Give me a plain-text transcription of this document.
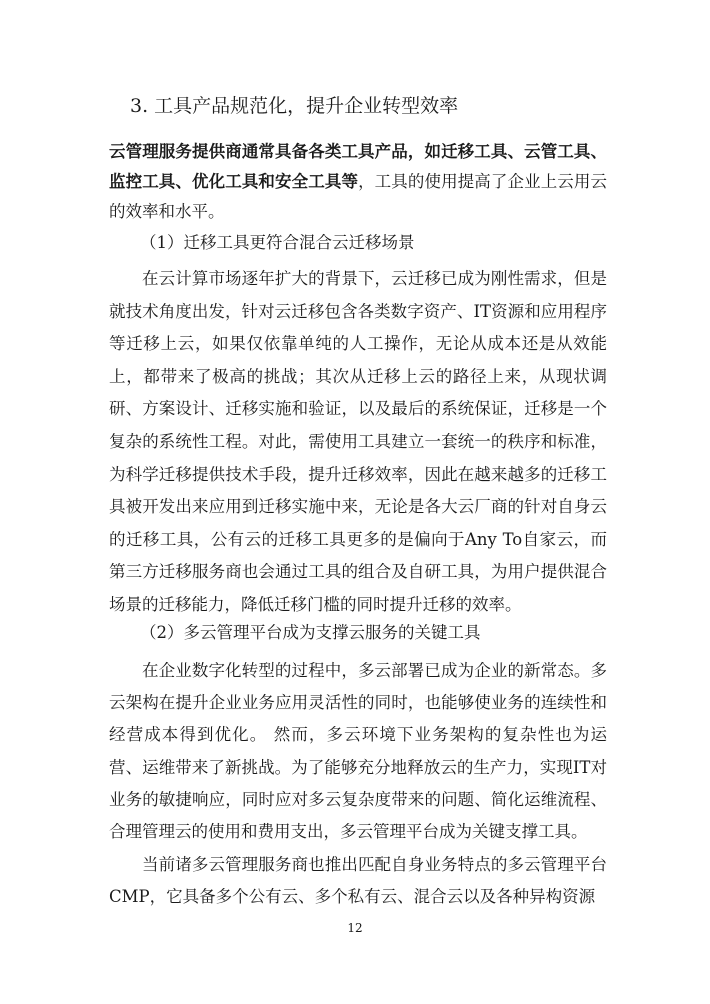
3. 工具产品规范化，提升企业转型效率

云管理服务提供商通常具备各类工具产品，如迁移工具、云管工具、监控工具、优化工具和安全工具等，工具的使用提高了企业上云用云的效率和水平。

（1）迁移工具更符合混合云迁移场景

在云计算市场逐年扩大的背景下，云迁移已成为刚性需求，但是就技术角度出发，针对云迁移包含各类数字资产、IT资源和应用程序等迁移上云，如果仅依靠单纯的人工操作，无论从成本还是从效能上，都带来了极高的挑战；其次从迁移上云的路径上来，从现状调研、方案设计、迁移实施和验证，以及最后的系统保证，迁移是一个复杂的系统性工程。对此，需使用工具建立一套统一的秩序和标准，为科学迁移提供技术手段，提升迁移效率，因此在越来越多的迁移工具被开发出来应用到迁移实施中来，无论是各大云厂商的针对自身云的迁移工具，公有云的迁移工具更多的是偏向于Any To自家云，而第三方迁移服务商也会通过工具的组合及自研工具，为用户提供混合场景的迁移能力，降低迁移门槛的同时提升迁移的效率。

（2）多云管理平台成为支撑云服务的关键工具

在企业数字化转型的过程中，多云部署已成为企业的新常态。多云架构在提升企业业务应用灵活性的同时，也能够使业务的连续性和经营成本得到优化。 然而，多云环境下业务架构的复杂性也为运营、运维带来了新挑战。为了能够充分地释放云的生产力，实现IT对业务的敏捷响应，同时应对多云复杂度带来的问题、简化运维流程、合理管理云的使用和费用支出，多云管理平台成为关键支撑工具。

当前诸多云管理服务商也推出匹配自身业务特点的多云管理平台CMP，它具备多个公有云、多个私有云、混合云以及各种异构资源

12
